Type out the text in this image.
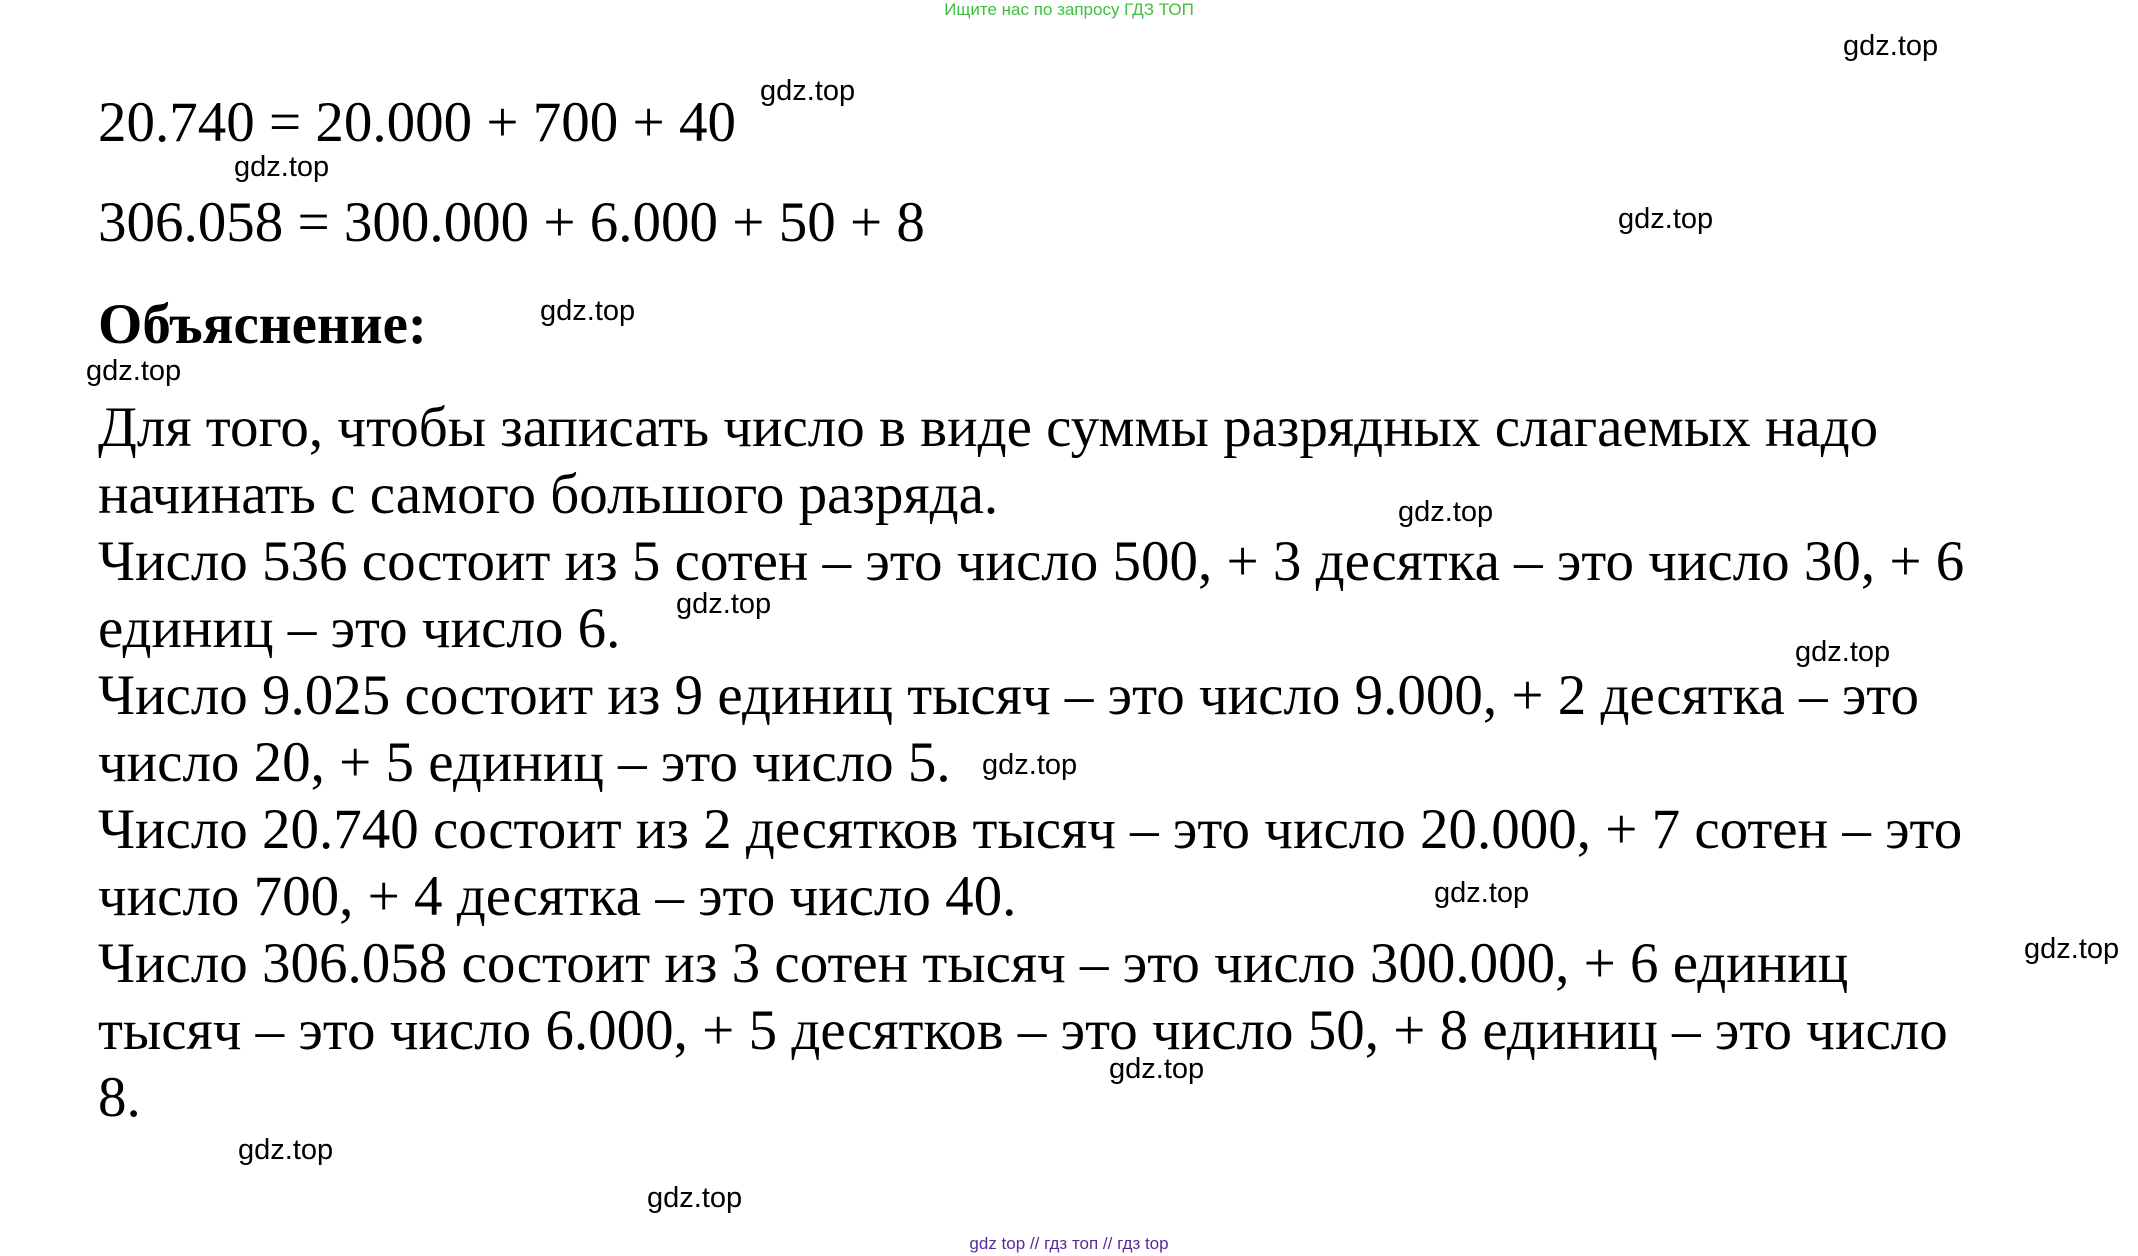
Ищите нас по запросу ГДЗ ТОП
20.740 = 20.000 + 700 + 40
306.058 = 300.000 + 6.000 + 50 + 8
Объяснение:
Для того, чтобы записать число в виде суммы разрядных слагаемых надо
начинать с самого большого разряда.
Число 536 состоит из 5 сотен – это число 500, + 3 десятка – это число 30, + 6
единиц – это число 6.
Число 9.025 состоит из 9 единиц тысяч – это число 9.000, + 2 десятка – это
число 20, + 5 единиц – это число 5.
Число 20.740 состоит из 2 десятков тысяч – это число 20.000, + 7 сотен – это
число 700, + 4 десятка – это число 40.
Число 306.058 состоит из 3 сотен тысяч – это число 300.000, + 6 единиц
тысяч – это число 6.000, + 5 десятков – это число 50, + 8 единиц – это число
8.
gdz.top
gdz.top
gdz.top
gdz.top
gdz.top
gdz.top
gdz.top
gdz.top
gdz.top
gdz.top
gdz.top
gdz.top
gdz.top
gdz.top
gdz.top
gdz top // гдз топ // гдз top
